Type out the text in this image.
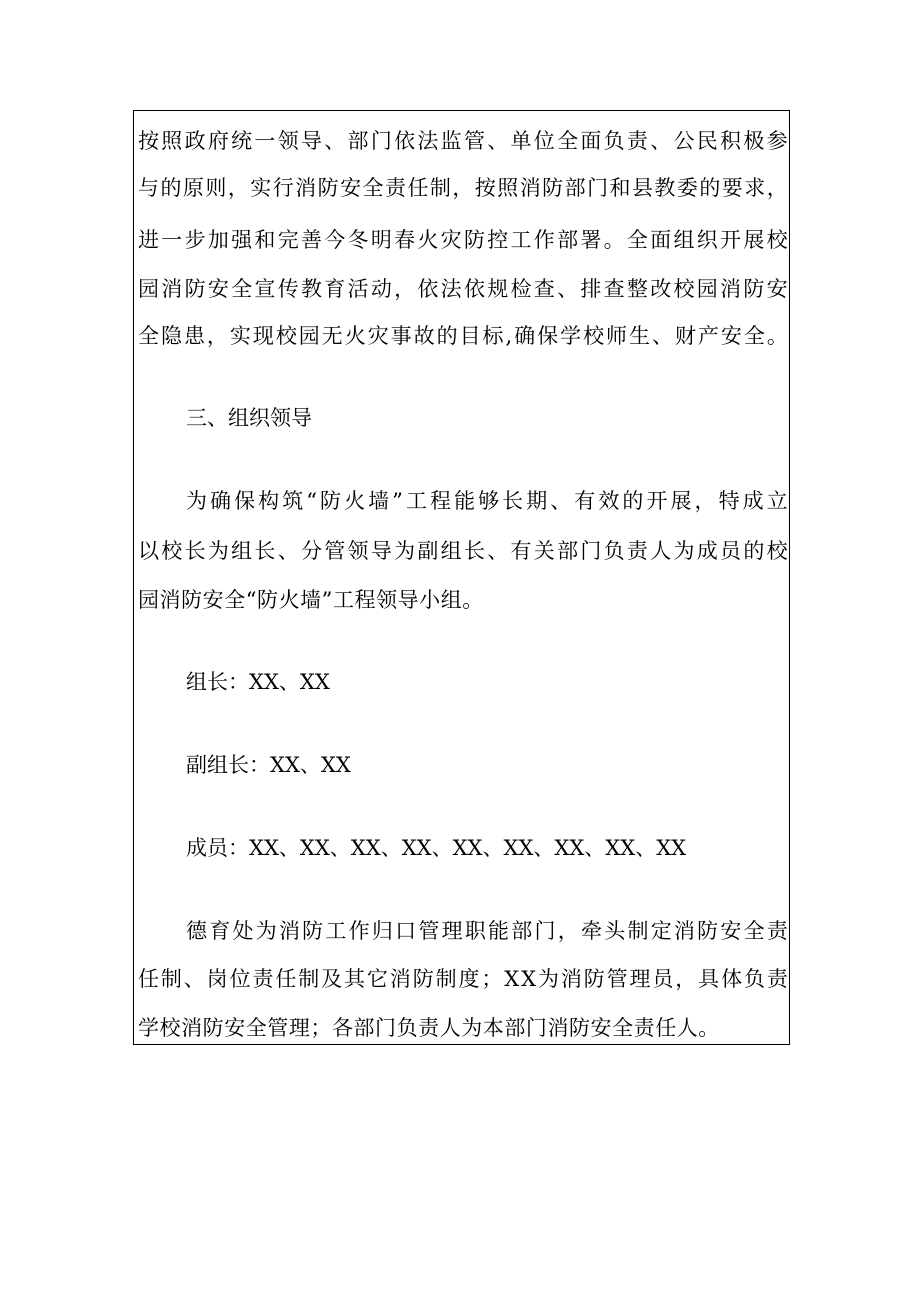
按 照 政 府 统 一 领 导 、 部 门 依 法 监 管 、 单 位 全 面 负 责 、 公 民 积 极 参
与 的 原 则 ， 实 行 消 防 安 全 责 任 制 ， 按 照 消 防 部 门 和 县 教 委 的 要 求 ，
进 一 步 加 强 和 完 善 今 冬 明 春 火 灾 防 控 工 作 部 署 。 全 面 组 织 开 展 校
园 消 防 安 全 宣 传 教 育 活 动 ， 依 法 依 规 检 查 、 排 查 整 改 校 园 消 防 安
全 隐 患 ， 实 现 校 园 无 火 灾 事 故 的 目 标 , 确 保 学 校 师 生 、 财 产 安 全 。
三、组织领导
为 确 保 构 筑 “ 防 火 墙 ” 工 程 能 够 长 期 、 有 效 的 开 展 ， 特 成 立
以 校 长 为 组 长 、 分 管 领 导 为 副 组 长 、 有 关 部 门 负 责 人 为 成 员 的 校
园消防安全“防火墙”工程领导小组。
组长：XX、XX
副组长：XX、XX
成员：XX、XX、XX、XX、XX、XX、XX、XX、XX
德 育 处 为 消 防 工 作 归 口 管 理 职 能 部 门 ， 牵 头 制 定 消 防 安 全 责
任 制 、 岗 位 责 任 制 及 其 它 消 防 制 度 ； X X 为 消 防 管 理 员 ， 具 体 负 责
学校消防安全管理；各部门负责人为本部门消防安全责任人。
